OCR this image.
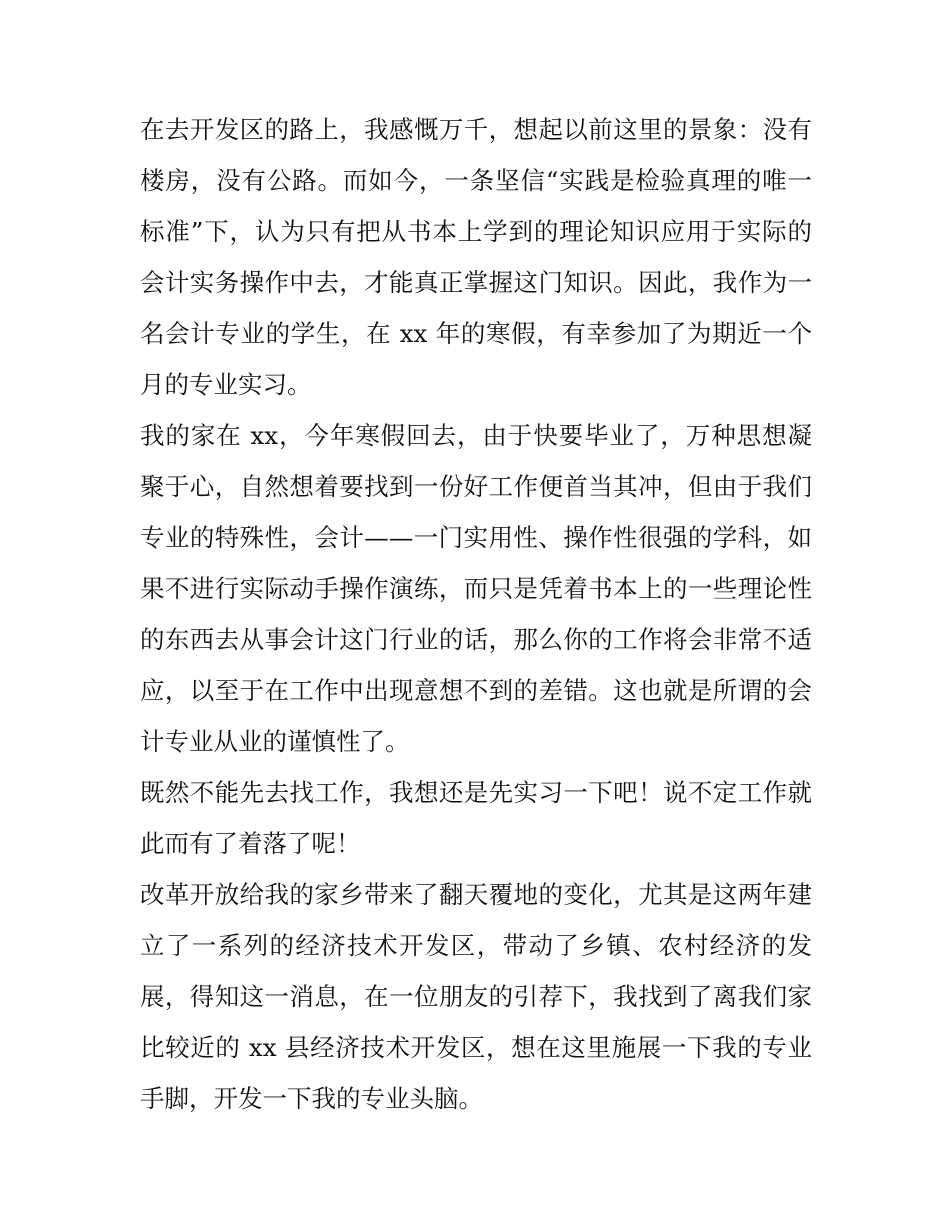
在去开发区的路上，我感慨万千，想起以前这里的景象：没有
楼房，没有公路。而如今，一条坚信“实践是检验真理的唯一
标准”下，认为只有把从书本上学到的理论知识应用于实际的
会计实务操作中去，才能真正掌握这门知识。因此，我作为一
名会计专业的学生，在 xx 年的寒假，有幸参加了为期近一个
月的专业实习。
我的家在 xx，今年寒假回去，由于快要毕业了，万种思想凝
聚于心，自然想着要找到一份好工作便首当其冲，但由于我们
专业的特殊性，会计——一门实用性、操作性很强的学科，如
果不进行实际动手操作演练，而只是凭着书本上的一些理论性
的东西去从事会计这门行业的话，那么你的工作将会非常不适
应，以至于在工作中出现意想不到的差错。这也就是所谓的会
计专业从业的谨慎性了。
既然不能先去找工作，我想还是先实习一下吧！说不定工作就
此而有了着落了呢！
改革开放给我的家乡带来了翻天覆地的变化，尤其是这两年建
立了一系列的经济技术开发区，带动了乡镇、农村经济的发
展，得知这一消息，在一位朋友的引荐下，我找到了离我们家
比较近的 xx 县经济技术开发区，想在这里施展一下我的专业
手脚，开发一下我的专业头脑。
